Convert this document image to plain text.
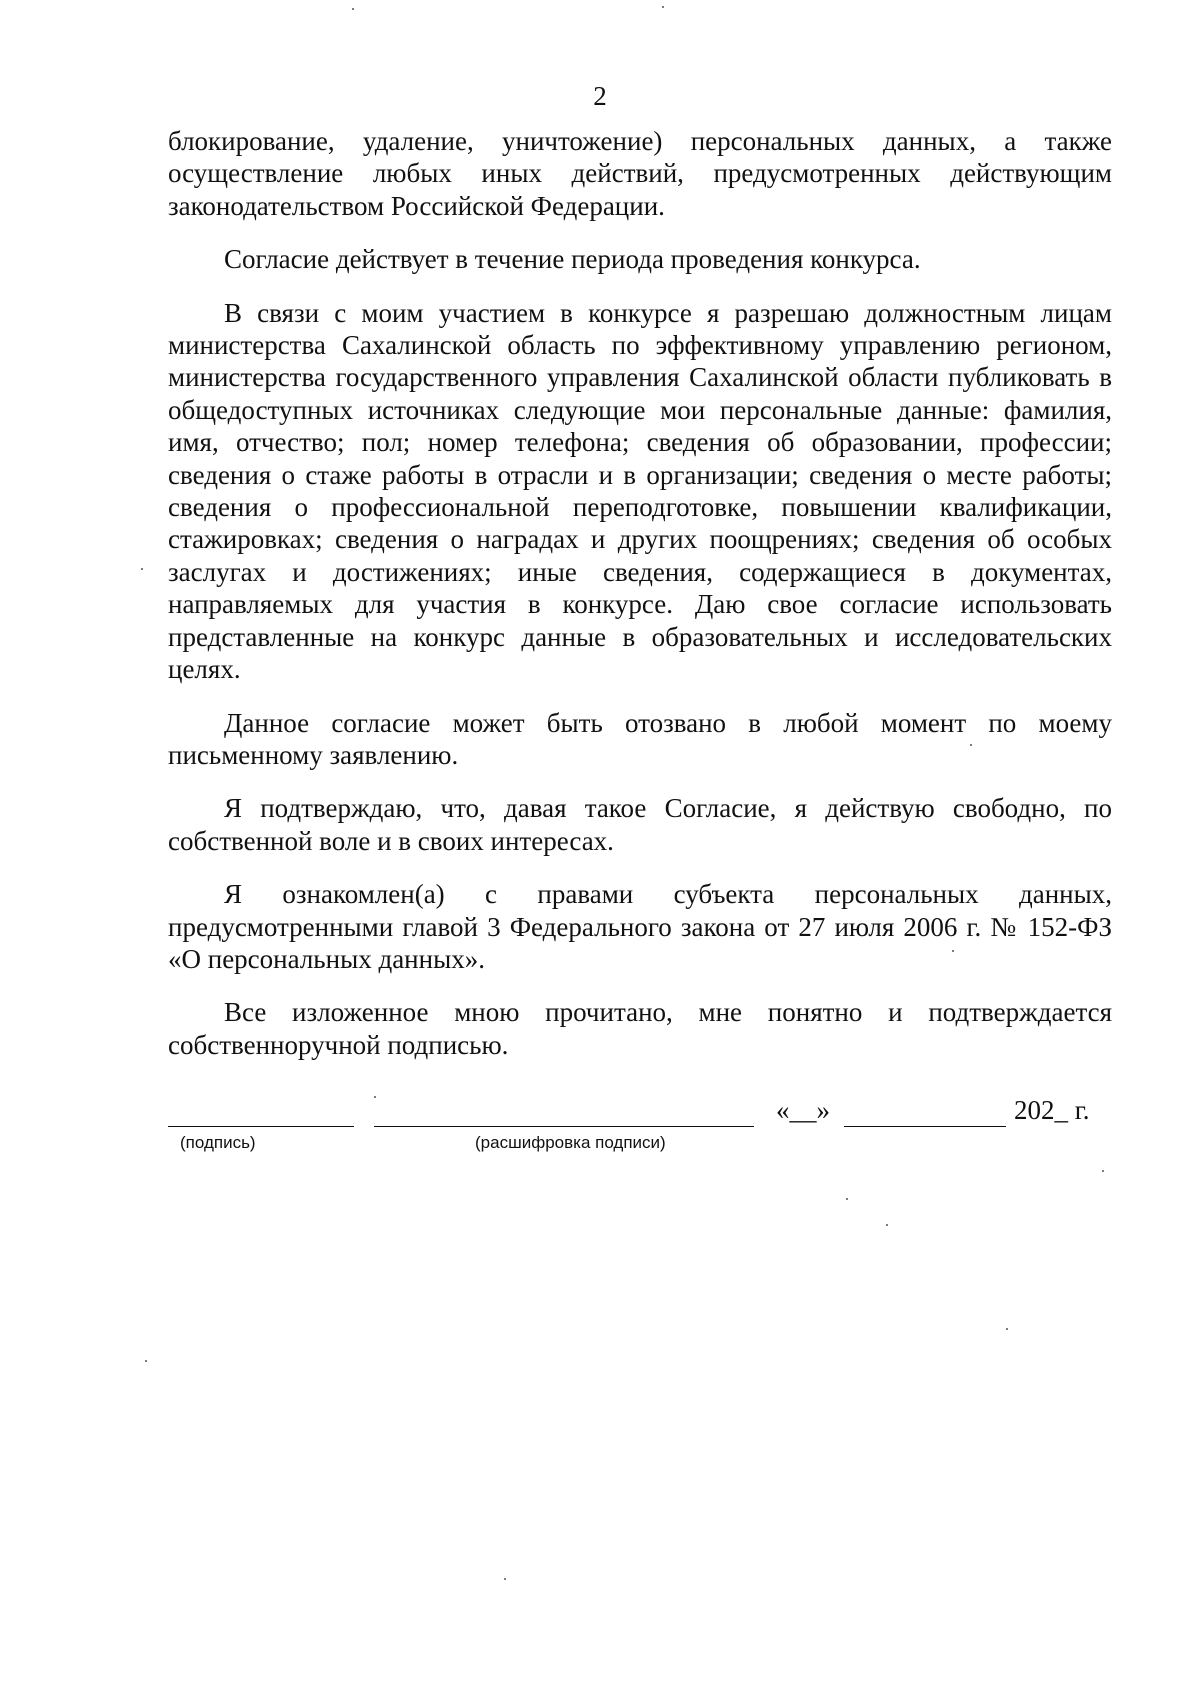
2

блокирование, удаление, уничтожение) персональных данных, а также осуществление любых иных действий, предусмотренных действующим законодательством Российской Федерации.

Согласие действует в течение периода проведения конкурса.

В связи с моим участием в конкурсе я разрешаю должностным лицам министерства Сахалинской область по эффективному управлению регионом, министерства государственного управления Сахалинской области публиковать в общедоступных источниках следующие мои персональные данные: фамилия, имя, отчество; пол; номер телефона; сведения об образовании, профессии; сведения о стаже работы в отрасли и в организации; сведения о месте работы; сведения о профессиональной переподготовке, повышении квалификации, стажировках; сведения о наградах и других поощрениях; сведения об особых заслугах и достижениях; иные сведения, содержащиеся в документах, направляемых для участия в конкурсе. Даю свое согласие использовать представленные на конкурс данные в образовательных и исследовательских целях.

Данное согласие может быть отозвано в любой момент по моему письменному заявлению.

Я подтверждаю, что, давая такое Согласие, я действую свободно, по собственной воле и в своих интересах.

Я ознакомлен(а) с правами субъекта персональных данных, предусмотренными главой 3 Федерального закона от 27 июля 2006 г. № 152-ФЗ «О персональных данных».

Все изложенное мною прочитано, мне понятно и подтверждается собственноручной подписью.

«__»	202_ г.
(подпись)	(расшифровка подписи)
